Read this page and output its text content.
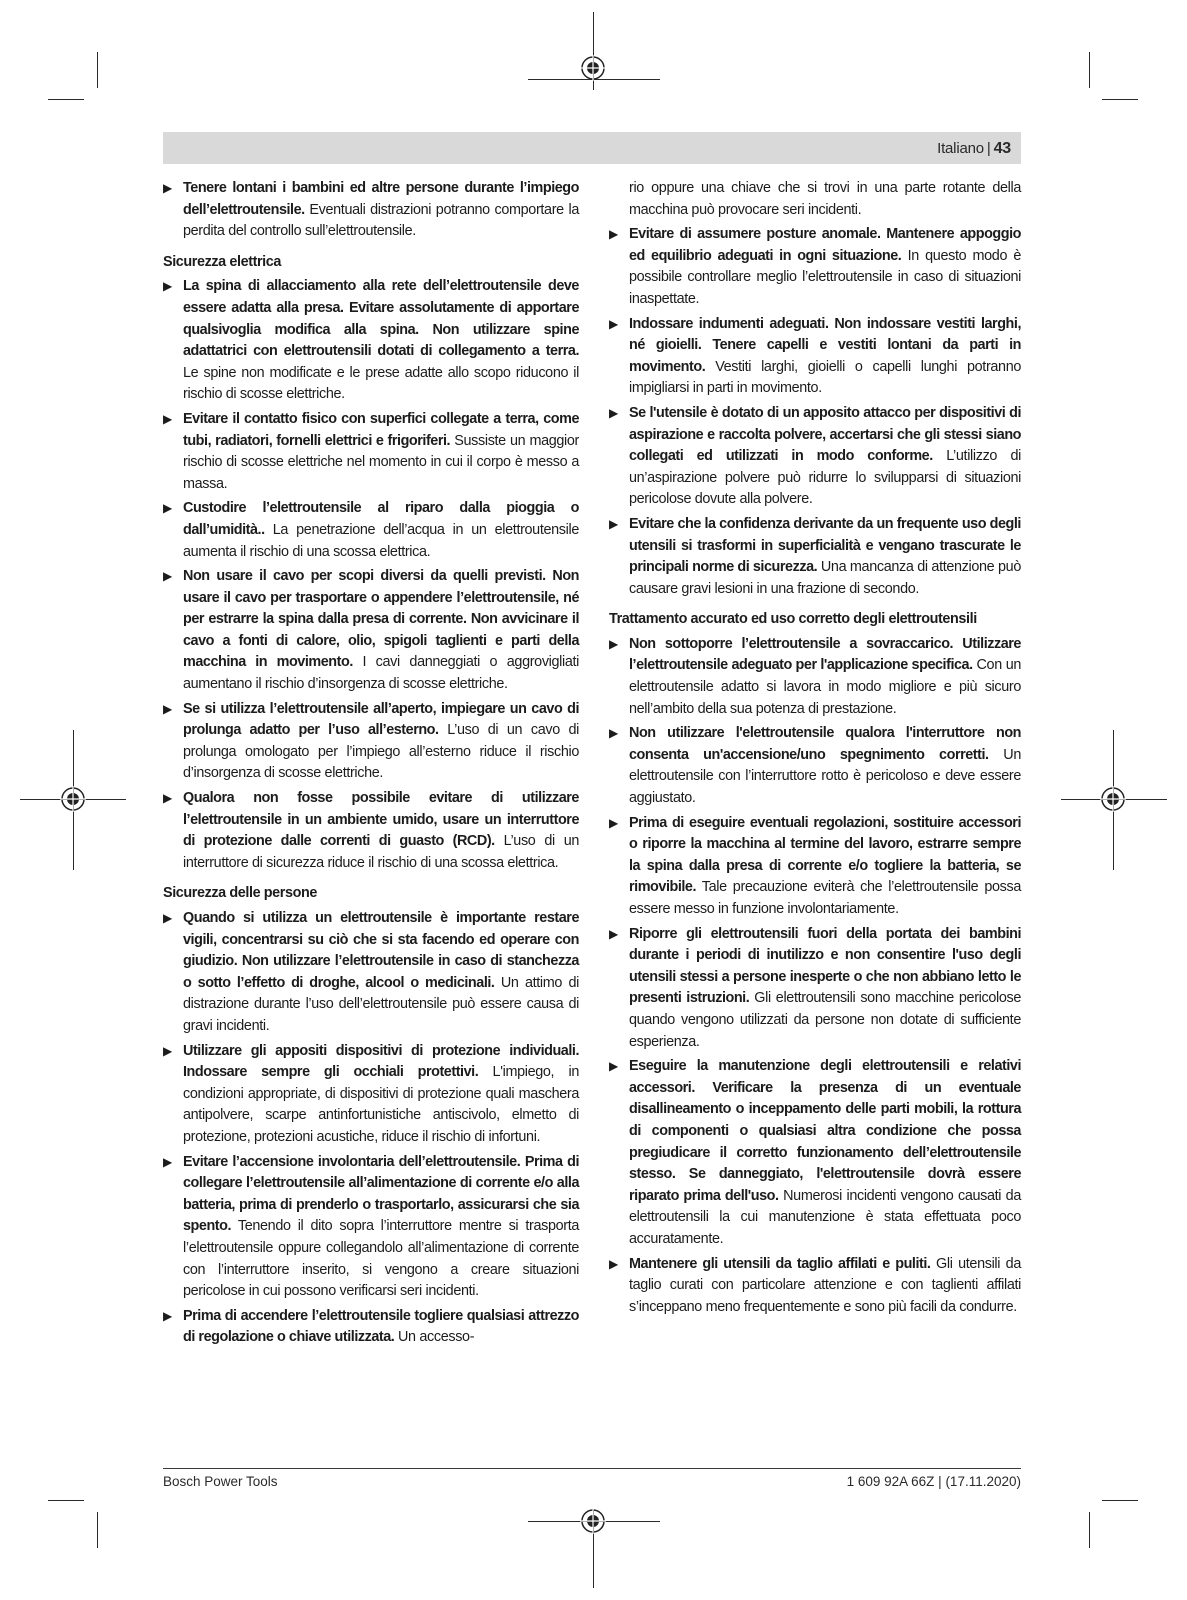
Italiano | 43
▶ Tenere lontani i bambini ed altre persone durante l’impiego dell’elettroutensile. Eventuali distrazioni potranno comportare la perdita del controllo sull’elettroutensile.
Sicurezza elettrica
▶ La spina di allacciamento alla rete dell’elettroutensile deve essere adatta alla presa. Evitare assolutamente di apportare qualsivoglia modifica alla spina. Non utilizzare spine adattatrici con elettroutensili dotati di collegamento a terra. Le spine non modificate e le prese adatte allo scopo riducono il rischio di scosse elettriche.
▶ Evitare il contatto fisico con superfici collegate a terra, come tubi, radiatori, fornelli elettrici e frigoriferi. Sussiste un maggior rischio di scosse elettriche nel momento in cui il corpo è messo a massa.
▶ Custodire l’elettroutensile al riparo dalla pioggia o dall’umidità.. La penetrazione dell’acqua in un elettroutensile aumenta il rischio di una scossa elettrica.
▶ Non usare il cavo per scopi diversi da quelli previsti. Non usare il cavo per trasportare o appendere l’elettroutensile, né per estrarre la spina dalla presa di corrente. Non avvicinare il cavo a fonti di calore, olio, spigoli taglienti e parti della macchina in movimento. I cavi danneggiati o aggrovigliati aumentano il rischio d’insorgenza di scosse elettriche.
▶ Se si utilizza l’elettroutensile all’aperto, impiegare un cavo di prolunga adatto per l’uso all’esterno. L’uso di un cavo di prolunga omologato per l’impiego all’esterno riduce il rischio d’insorgenza di scosse elettriche.
▶ Qualora non fosse possibile evitare di utilizzare l’elettroutensile in un ambiente umido, usare un interruttore di protezione dalle correnti di guasto (RCD). L’uso di un interruttore di sicurezza riduce il rischio di una scossa elettrica.
Sicurezza delle persone
▶ Quando si utilizza un elettroutensile è importante restare vigili, concentrarsi su ciò che si sta facendo ed operare con giudizio. Non utilizzare l’elettroutensile in caso di stanchezza o sotto l’effetto di droghe, alcool o medicinali. Un attimo di distrazione durante l’uso dell’elettroutensile può essere causa di gravi incidenti.
▶ Utilizzare gli appositi dispositivi di protezione individuali. Indossare sempre gli occhiali protettivi. L'impiego, in condizioni appropriate, di dispositivi di protezione quali maschera antipolvere, scarpe antinfortunistiche antiscivolo, elmetto di protezione, protezioni acustiche, riduce il rischio di infortuni.
▶ Evitare l’accensione involontaria dell’elettroutensile. Prima di collegare l’elettroutensile all’alimentazione di corrente e/o alla batteria, prima di prenderlo o trasportarlo, assicurarsi che sia spento. Tenendo il dito sopra l’interruttore mentre si trasporta l’elettroutensile oppure collegandolo all’alimentazione di corrente con l’interruttore inserito, si vengono a creare situazioni pericolose in cui possono verificarsi seri incidenti.
▶ Prima di accendere l’elettroutensile togliere qualsiasi attrezzo di regolazione o chiave utilizzata. Un accesso-
rio oppure una chiave che si trovi in una parte rotante della macchina può provocare seri incidenti.
▶ Evitare di assumere posture anomale. Mantenere appoggio ed equilibrio adeguati in ogni situazione. In questo modo è possibile controllare meglio l’elettroutensile in caso di situazioni inaspettate.
▶ Indossare indumenti adeguati. Non indossare vestiti larghi, né gioielli. Tenere capelli e vestiti lontani da parti in movimento. Vestiti larghi, gioielli o capelli lunghi potranno impigliarsi in parti in movimento.
▶ Se l'utensile è dotato di un apposito attacco per dispositivi di aspirazione e raccolta polvere, accertarsi che gli stessi siano collegati ed utilizzati in modo conforme. L’utilizzo di un’aspirazione polvere può ridurre lo svilupparsi di situazioni pericolose dovute alla polvere.
▶ Evitare che la confidenza derivante da un frequente uso degli utensili si trasformi in superficialità e vengano trascurate le principali norme di sicurezza. Una mancanza di attenzione può causare gravi lesioni in una frazione di secondo.
Trattamento accurato ed uso corretto degli elettroutensili
▶ Non sottoporre l’elettroutensile a sovraccarico. Utilizzare l’elettroutensile adeguato per l'applicazione specifica. Con un elettroutensile adatto si lavora in modo migliore e più sicuro nell’ambito della sua potenza di prestazione.
▶ Non utilizzare l'elettroutensile qualora l'interruttore non consenta un'accensione/uno spegnimento corretti. Un elettroutensile con l’interruttore rotto è pericoloso e deve essere aggiustato.
▶ Prima di eseguire eventuali regolazioni, sostituire accessori o riporre la macchina al termine del lavoro, estrarre sempre la spina dalla presa di corrente e/o togliere la batteria, se rimovibile. Tale precauzione eviterà che l’elettroutensile possa essere messo in funzione involontariamente.
▶ Riporre gli elettroutensili fuori della portata dei bambini durante i periodi di inutilizzo e non consentire l'uso degli utensili stessi a persone inesperte o che non abbiano letto le presenti istruzioni. Gli elettroutensili sono macchine pericolose quando vengono utilizzati da persone non dotate di sufficiente esperienza.
▶ Eseguire la manutenzione degli elettroutensili e relativi accessori. Verificare la presenza di un eventuale disallineamento o inceppamento delle parti mobili, la rottura di componenti o qualsiasi altra condizione che possa pregiudicare il corretto funzionamento dell’elettroutensile stesso. Se danneggiato, l'elettroutensile dovrà essere riparato prima dell'uso. Numerosi incidenti vengono causati da elettroutensili la cui manutenzione è stata effettuata poco accuratamente.
▶ Mantenere gli utensili da taglio affilati e puliti. Gli utensili da taglio curati con particolare attenzione e con taglienti affilati s’inceppano meno frequentemente e sono più facili da condurre.
Bosch Power Tools	1 609 92A 66Z | (17.11.2020)
